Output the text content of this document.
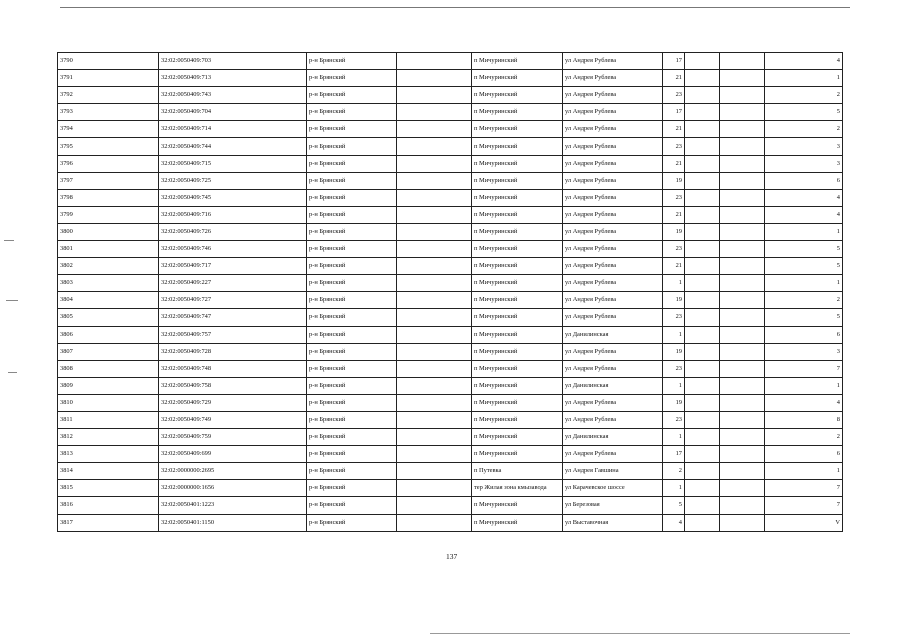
3790	32:02:0050409:703	р-н Брянский		п Мичуринский	ул Андрея Рублева	17			4
3791	32:02:0050409:713	р-н Брянский		п Мичуринский	ул Андрея Рублева	21			1
3792	32:02:0050409:743	р-н Брянский		п Мичуринский	ул Андрея Рублева	23			2
3793	32:02:0050409:704	р-н Брянский		п Мичуринский	ул Андрея Рублева	17			5
3794	32:02:0050409:714	р-н Брянский		п Мичуринский	ул Андрея Рублева	21			2
3795	32:02:0050409:744	р-н Брянский		п Мичуринский	ул Андрея Рублева	23			3
3796	32:02:0050409:715	р-н Брянский		п Мичуринский	ул Андрея Рублева	21			3
3797	32:02:0050409:725	р-н Брянский		п Мичуринский	ул Андрея Рублева	19			6
3798	32:02:0050409:745	р-н Брянский		п Мичуринский	ул Андрея Рублева	23			4
3799	32:02:0050409:716	р-н Брянский		п Мичуринский	ул Андрея Рублева	21			4
3800	32:02:0050409:726	р-н Брянский		п Мичуринский	ул Андрея Рублева	19			1
3801	32:02:0050409:746	р-н Брянский		п Мичуринский	ул Андрея Рублева	23			5
3802	32:02:0050409:717	р-н Брянский		п Мичуринский	ул Андрея Рублева	21			5
3803	32:02:0050409:227	р-н Брянский		п Мичуринский	ул Андрея Рублева	1			1
3804	32:02:0050409:727	р-н Брянский		п Мичуринский	ул Андрея Рублева	19			2
3805	32:02:0050409:747	р-н Брянский		п Мичуринский	ул Андрея Рублева	23			5
3806	32:02:0050409:757	р-н Брянский		п Мичуринский	ул Данилинская	1			6
3807	32:02:0050409:728	р-н Брянский		п Мичуринский	ул Андрея Рублева	19			3
3808	32:02:0050409:748	р-н Брянский		п Мичуринский	ул Андрея Рублева	23			7
3809	32:02:0050409:758	р-н Брянский		п Мичуринский	ул Данилинская	1			1
3810	32:02:0050409:729	р-н Брянский		п Мичуринский	ул Андрея Рублева	19			4
3811	32:02:0050409:749	р-н Брянский		п Мичуринский	ул Андрея Рублева	23			8
3812	32:02:0050409:759	р-н Брянский		п Мичуринский	ул Данилинская	1			2
3813	32:02:0050409:699	р-н Брянский		п Мичуринский	ул Андрея Рублева	17			6
3814	32:02:0000000:2695	р-н Брянский		п Путевка	ул Андрея Гавшина	2			1
3815	32:02:0000000:1656	р-н Брянский		тер Жилая зона кмызавода	ул Карачевское шоссе	1			7
3816	32:02:0050401:1223	р-н Брянский		п Мичуринский	ул Березовая	5			7
3817	32:02:0050401:1150	р-н Брянский		п Мичуринский	ул Выставочная	4			V
137
